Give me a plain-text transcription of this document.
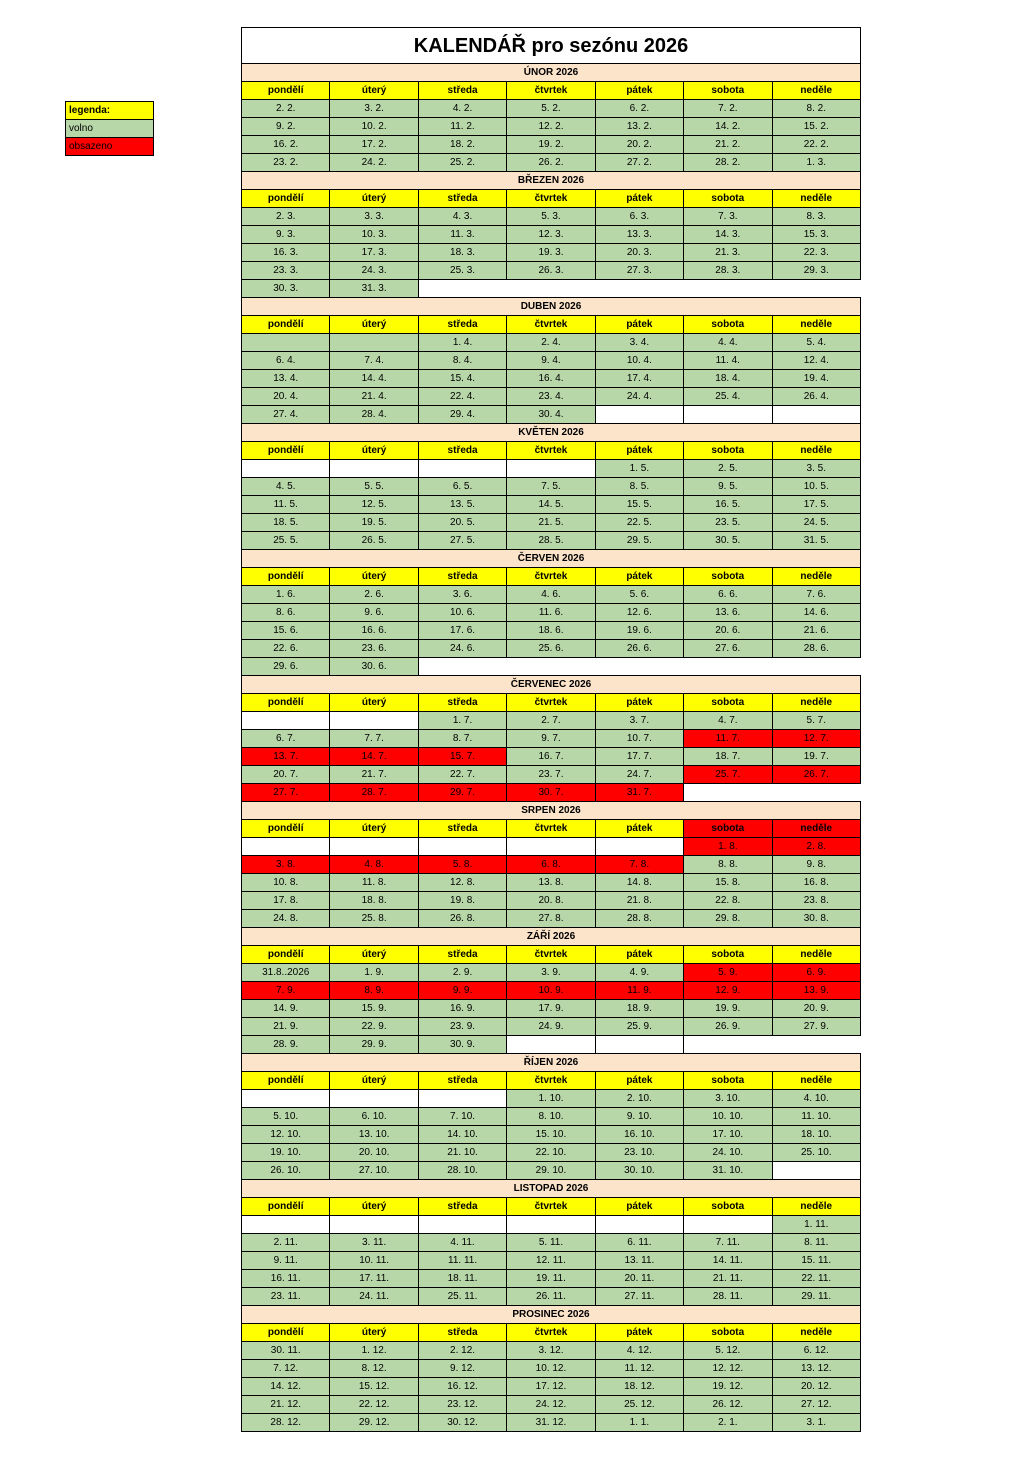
legenda:
volno
obsazeno
KALENDÁŘ pro sezónu 2026
ÚNOR 2026						
pondělí	úterý	středa	čtvrtek	pátek	sobota	neděle
2. 2.	3. 2.	4. 2.	5. 2.	6. 2.	7. 2.	8. 2.
9. 2.	10. 2.	11. 2.	12. 2.	13. 2.	14. 2.	15. 2.
16. 2.	17. 2.	18. 2.	19. 2.	20. 2.	21. 2.	22. 2.
23. 2.	24. 2.	25. 2.	26. 2.	27. 2.	28. 2.	1. 3.
BŘEZEN 2026						
pondělí	úterý	středa	čtvrtek	pátek	sobota	neděle
2. 3.	3. 3.	4. 3.	5. 3.	6. 3.	7. 3.	8. 3.
9. 3.	10. 3.	11. 3.	12. 3.	13. 3.	14. 3.	15. 3.
16. 3.	17. 3.	18. 3.	19. 3.	20. 3.	21. 3.	22. 3.
23. 3.	24. 3.	25. 3.	26. 3.	27. 3.	28. 3.	29. 3.
30. 3.	31. 3.					
DUBEN 2026						
pondělí	úterý	středa	čtvrtek	pátek	sobota	neděle
		1. 4.	2. 4.	3. 4.	4. 4.	5. 4.
6. 4.	7. 4.	8. 4.	9. 4.	10. 4.	11. 4.	12. 4.
13. 4.	14. 4.	15. 4.	16. 4.	17. 4.	18. 4.	19. 4.
20. 4.	21. 4.	22. 4.	23. 4.	24. 4.	25. 4.	26. 4.
27. 4.	28. 4.	29. 4.	30. 4.			
KVĚTEN 2026						
pondělí	úterý	středa	čtvrtek	pátek	sobota	neděle
				1. 5.	2. 5.	3. 5.
4. 5.	5. 5.	6. 5.	7. 5.	8. 5.	9. 5.	10. 5.
11. 5.	12. 5.	13. 5.	14. 5.	15. 5.	16. 5.	17. 5.
18. 5.	19. 5.	20. 5.	21. 5.	22. 5.	23. 5.	24. 5.
25. 5.	26. 5.	27. 5.	28. 5.	29. 5.	30. 5.	31. 5.
ČERVEN 2026						
pondělí	úterý	středa	čtvrtek	pátek	sobota	neděle
1. 6.	2. 6.	3. 6.	4. 6.	5. 6.	6. 6.	7. 6.
8. 6.	9. 6.	10. 6.	11. 6.	12. 6.	13. 6.	14. 6.
15. 6.	16. 6.	17. 6.	18. 6.	19. 6.	20. 6.	21. 6.
22. 6.	23. 6.	24. 6.	25. 6.	26. 6.	27. 6.	28. 6.
29. 6.	30. 6.					
ČERVENEC 2026						
pondělí	úterý	středa	čtvrtek	pátek	sobota	neděle
		1. 7.	2. 7.	3. 7.	4. 7.	5. 7.
6. 7.	7. 7.	8. 7.	9. 7.	10. 7.	11. 7.	12. 7.
13. 7.	14. 7.	15. 7.	16. 7.	17. 7.	18. 7.	19. 7.
20. 7.	21. 7.	22. 7.	23. 7.	24. 7.	25. 7.	26. 7.
27. 7.	28. 7.	29. 7.	30. 7.	31. 7.		
SRPEN 2026						
pondělí	úterý	středa	čtvrtek	pátek	sobota	neděle
					1. 8.	2. 8.
3. 8.	4. 8.	5. 8.	6. 8.	7. 8.	8. 8.	9. 8.
10. 8.	11. 8.	12. 8.	13. 8.	14. 8.	15. 8.	16. 8.
17. 8.	18. 8.	19. 8.	20. 8.	21. 8.	22. 8.	23. 8.
24. 8.	25. 8.	26. 8.	27. 8.	28. 8.	29. 8.	30. 8.
ZÁŘÍ 2026						
pondělí	úterý	středa	čtvrtek	pátek	sobota	neděle
31.8..2026	1. 9.	2. 9.	3. 9.	4. 9.	5. 9.	6. 9.
7. 9.	8. 9.	9. 9.	10. 9.	11. 9.	12. 9.	13. 9.
14. 9.	15. 9.	16. 9.	17. 9.	18. 9.	19. 9.	20. 9.
21. 9.	22. 9.	23. 9.	24. 9.	25. 9.	26. 9.	27. 9.
28. 9.	29. 9.	30. 9.				
ŘÍJEN 2026						
pondělí	úterý	středa	čtvrtek	pátek	sobota	neděle
			1. 10.	2. 10.	3. 10.	4. 10.
5. 10.	6. 10.	7. 10.	8. 10.	9. 10.	10. 10.	11. 10.
12. 10.	13. 10.	14. 10.	15. 10.	16. 10.	17. 10.	18. 10.
19. 10.	20. 10.	21. 10.	22. 10.	23. 10.	24. 10.	25. 10.
26. 10.	27. 10.	28. 10.	29. 10.	30. 10.	31. 10.	
LISTOPAD 2026						
pondělí	úterý	středa	čtvrtek	pátek	sobota	neděle
						1. 11.
2. 11.	3. 11.	4. 11.	5. 11.	6. 11.	7. 11.	8. 11.
9. 11.	10. 11.	11. 11.	12. 11.	13. 11.	14. 11.	15. 11.
16. 11.	17. 11.	18. 11.	19. 11.	20. 11.	21. 11.	22. 11.
23. 11.	24. 11.	25. 11.	26. 11.	27. 11.	28. 11.	29. 11.
PROSINEC 2026						
pondělí	úterý	středa	čtvrtek	pátek	sobota	neděle
30. 11.	1. 12.	2. 12.	3. 12.	4. 12.	5. 12.	6. 12.
7. 12.	8. 12.	9. 12.	10. 12.	11. 12.	12. 12.	13. 12.
14. 12.	15. 12.	16. 12.	17. 12.	18. 12.	19. 12.	20. 12.
21. 12.	22. 12.	23. 12.	24. 12.	25. 12.	26. 12.	27. 12.
28. 12.	29. 12.	30. 12.	31. 12.	1. 1.	2. 1.	3. 1.
